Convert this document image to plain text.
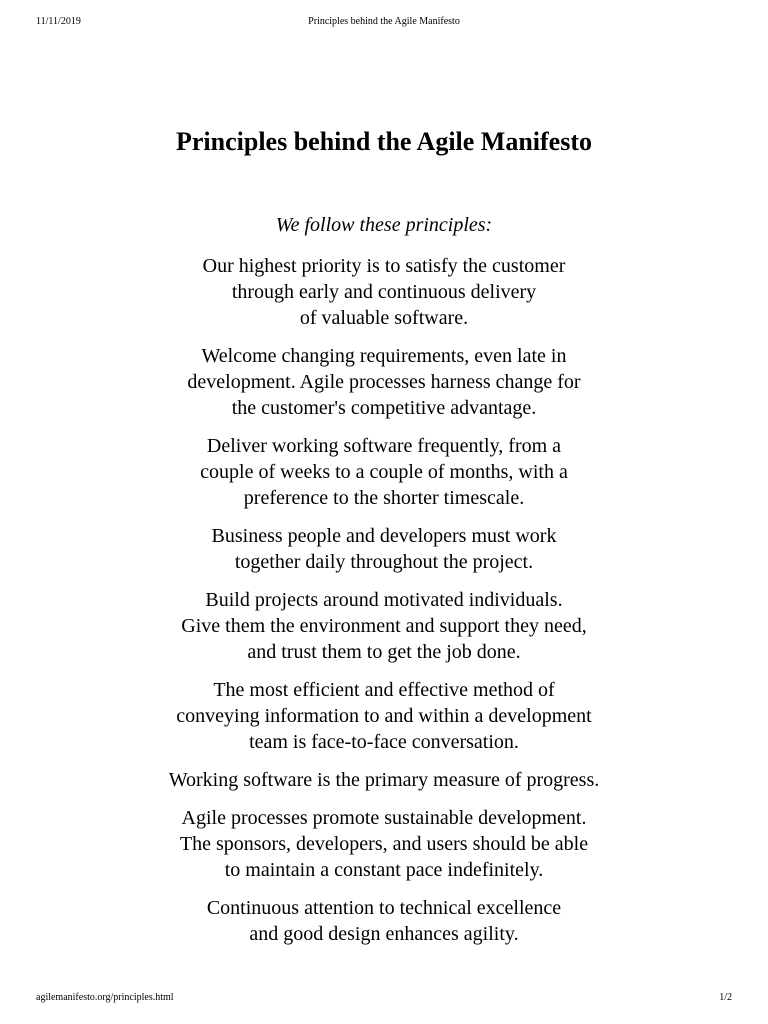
11/11/2019	Principles behind the Agile Manifesto
Principles behind the Agile Manifesto

We follow these principles:

Our highest priority is to satisfy the customer
through early and continuous delivery
of valuable software.
Welcome changing requirements, even late in
development. Agile processes harness change for
the customer's competitive advantage.
Deliver working software frequently, from a
couple of weeks to a couple of months, with a
preference to the shorter timescale.
Business people and developers must work
together daily throughout the project.
Build projects around motivated individuals.
Give them the environment and support they need,
and trust them to get the job done.
The most efficient and effective method of
conveying information to and within a development
team is face-to-face conversation.
Working software is the primary measure of progress.
Agile processes promote sustainable development.
The sponsors, developers, and users should be able
to maintain a constant pace indefinitely.
Continuous attention to technical excellence
and good design enhances agility.
agilemanifesto.org/principles.html	1/2
